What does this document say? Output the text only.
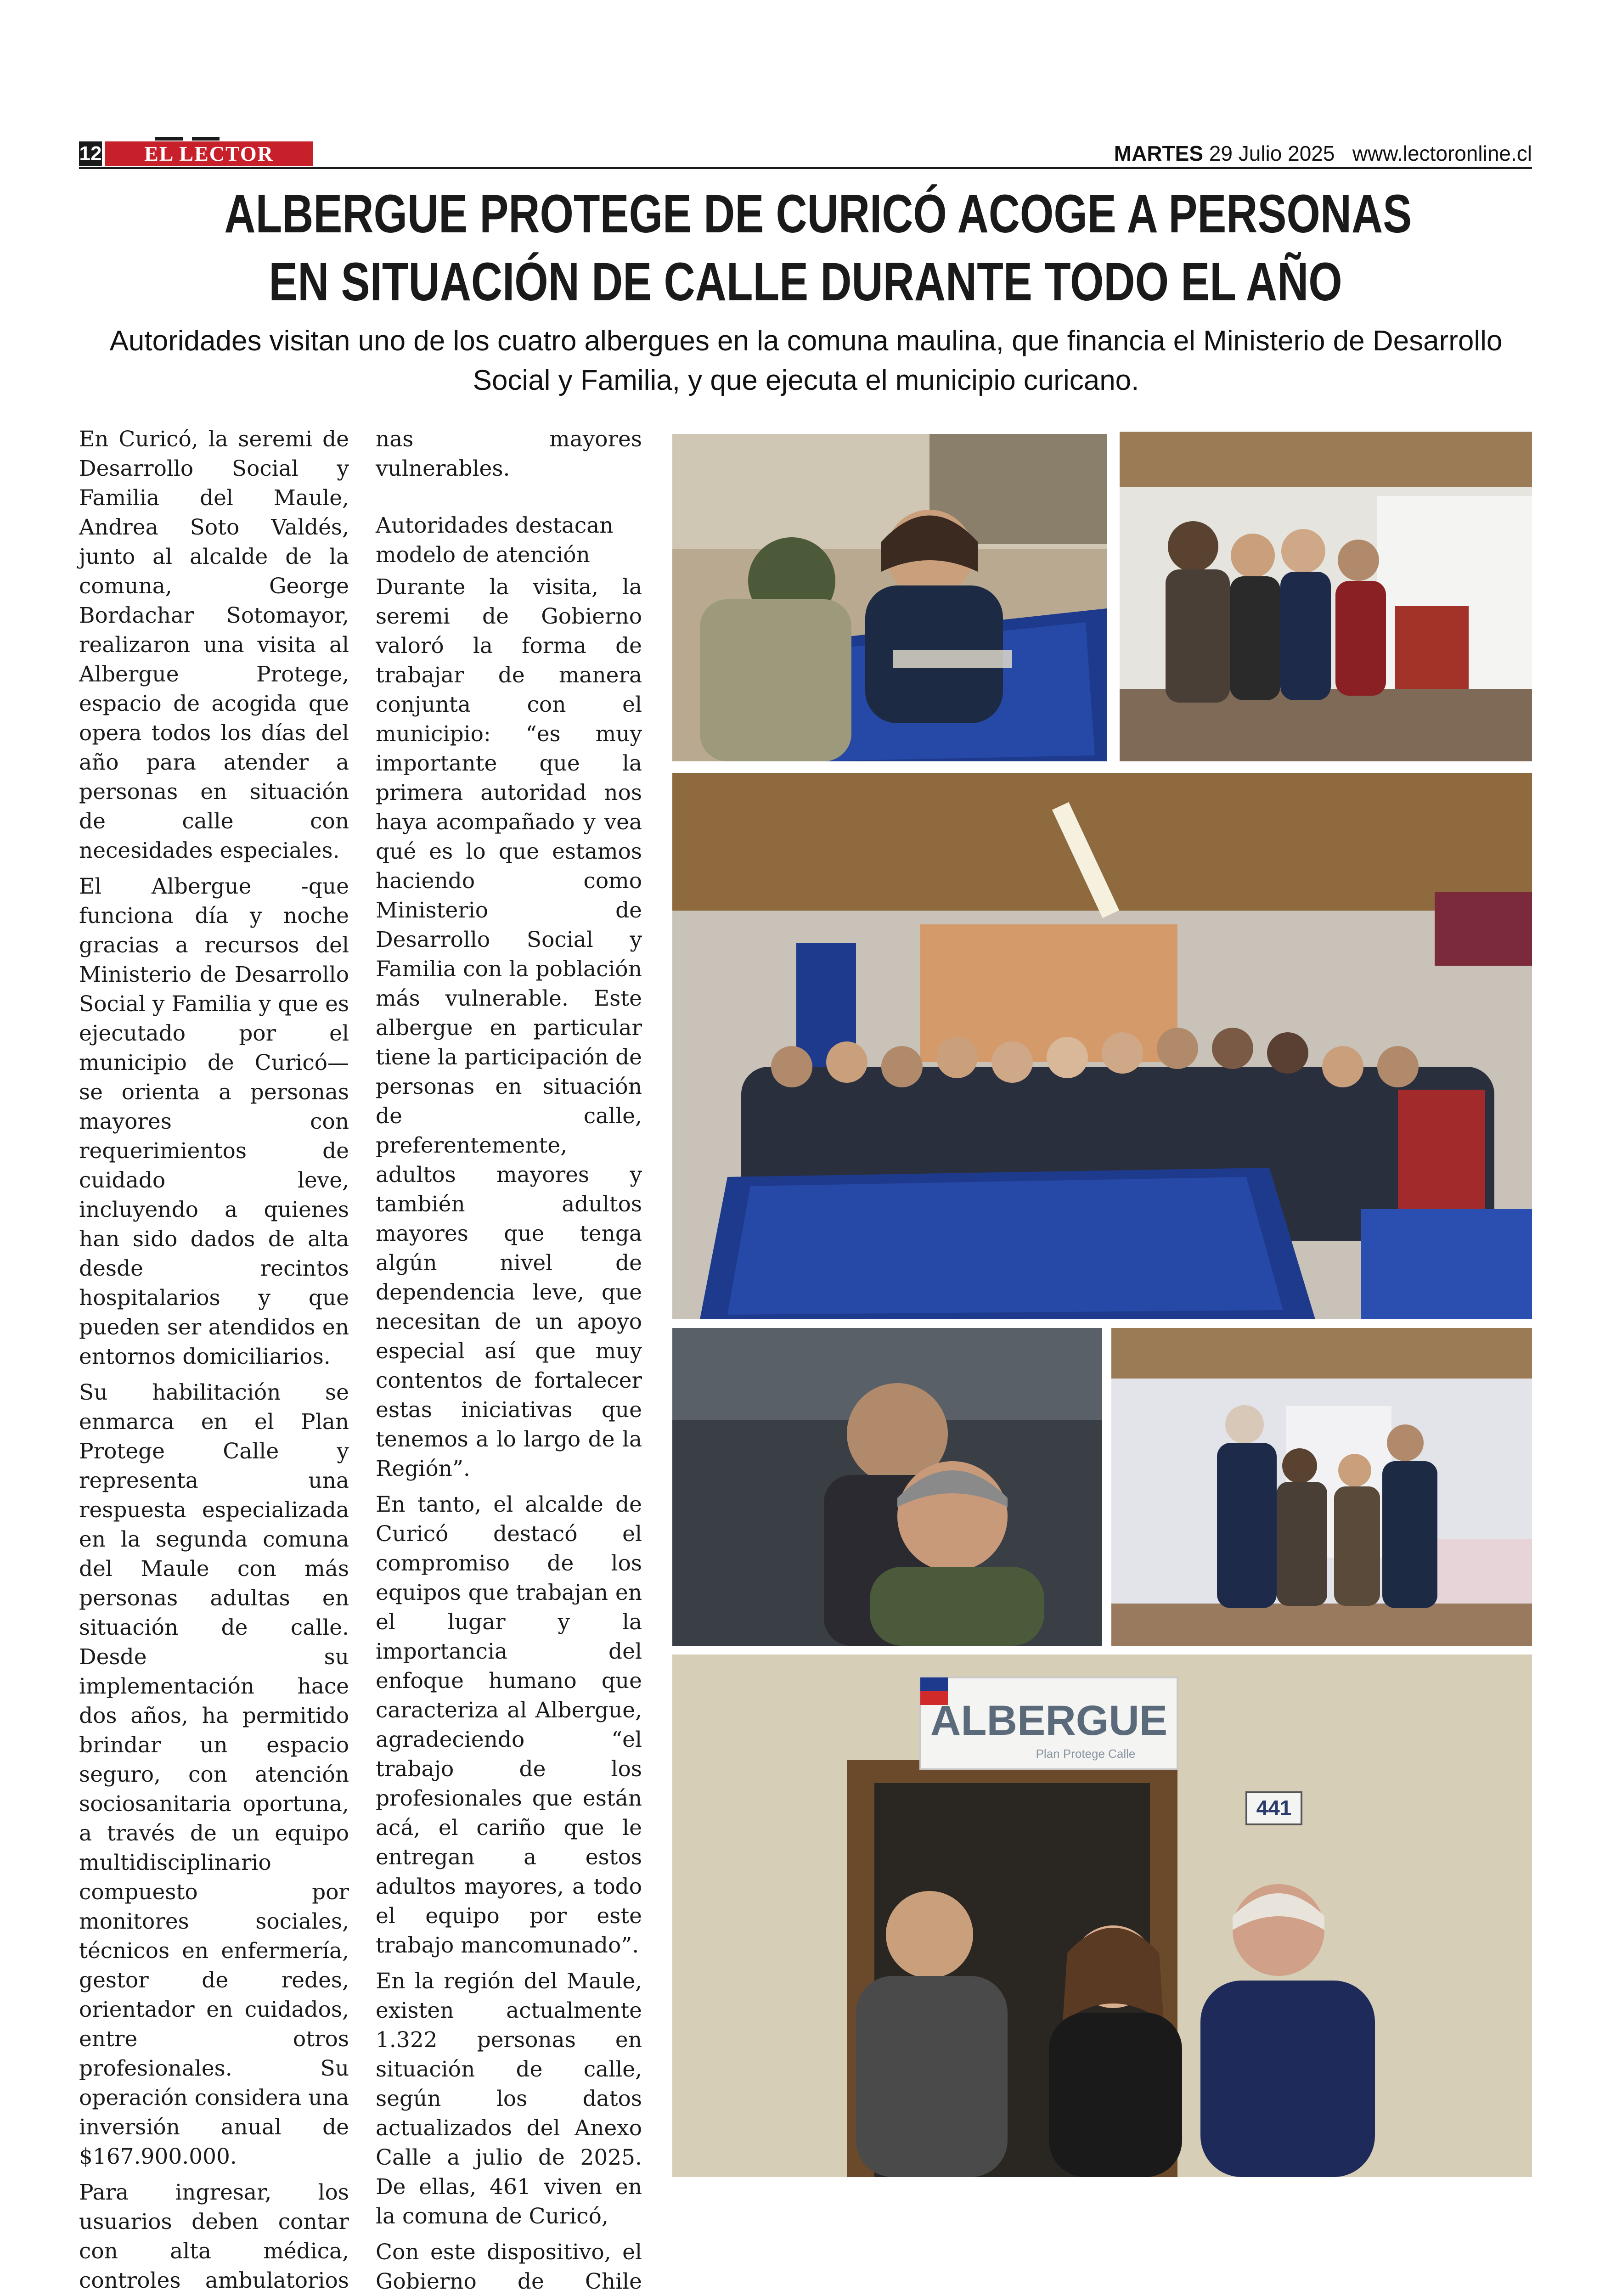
12	EL LECTOR	MARTES 29 Julio 2025 www.lectoronline.cl
ALBERGUE PROTEGE DE CURICÓ ACOGE A PERSONAS
EN SITUACIÓN DE CALLE DURANTE TODO EL AÑO
Autoridades visitan uno de los cuatro albergues en la comuna maulina, que financia el Ministerio de Desarrollo Social y Familia, y que ejecuta el municipio curicano.

En Curicó, la seremi de Desarrollo Social y Familia del Maule, Andrea Soto Valdés, junto al alcalde de la comuna, George Bordachar Sotomayor, realizaron una visita al Albergue Protege, espacio de acogida que opera todos los días del año para atender a personas en situación de calle con necesidades especiales.

El Albergue -que funciona día y noche gracias a recursos del Ministerio de Desarrollo Social y Familia y que es ejecutado por el municipio de Curicó— se orienta a personas mayores con requerimientos de cuidado leve, incluyendo a quienes han sido dados de alta desde recintos hospitalarios y que pueden ser atendidos en entornos domiciliarios.

Su habilitación se enmarca en el Plan Protege Calle y representa una respuesta especializada en la segunda comuna del Maule con más personas adultas en situación de calle. Desde su implementación hace dos años, ha permitido brindar un espacio seguro, con atención sociosanitaria oportuna, a través de un equipo multidisciplinario compuesto por monitores sociales, técnicos en enfermería, gestor de redes, orientador en cuidados, entre otros profesionales. Su operación considera una inversión anual de $167.900.000.

Para ingresar, los usuarios deben contar con alta médica, controles ambulatorios

nas mayores vulnerables.

Autoridades destacan modelo de atención

Durante la visita, la seremi de Gobierno valoró la forma de trabajar de manera conjunta con el municipio: “es muy importante que la primera autoridad nos haya acompañado y vea qué es lo que estamos haciendo como Ministerio de Desarrollo Social y Familia con la población más vulnerable. Este albergue en particular tiene la participación de personas en situación de calle, preferentemente, adultos mayores y también adultos mayores que tenga algún nivel de dependencia leve, que necesitan de un apoyo especial así que muy contentos de fortalecer estas iniciativas que tenemos a lo largo de la Región”.

En tanto, el alcalde de Curicó destacó el compromiso de los equipos que trabajan en el lugar y la importancia del enfoque humano que caracteriza al Albergue, agradeciendo “el trabajo de los profesionales que están acá, el cariño que le entregan a estos adultos mayores, a todo el equipo por este trabajo mancomunado”.

En la región del Maule, existen actualmente 1.322 personas en situación de calle, según los datos actualizados del Anexo Calle a julio de 2025. De ellas, 461 viven en la comuna de Curicó,

Con este dispositivo, el Gobierno de Chile

ALBERGUE
Plan Protege Calle
441
